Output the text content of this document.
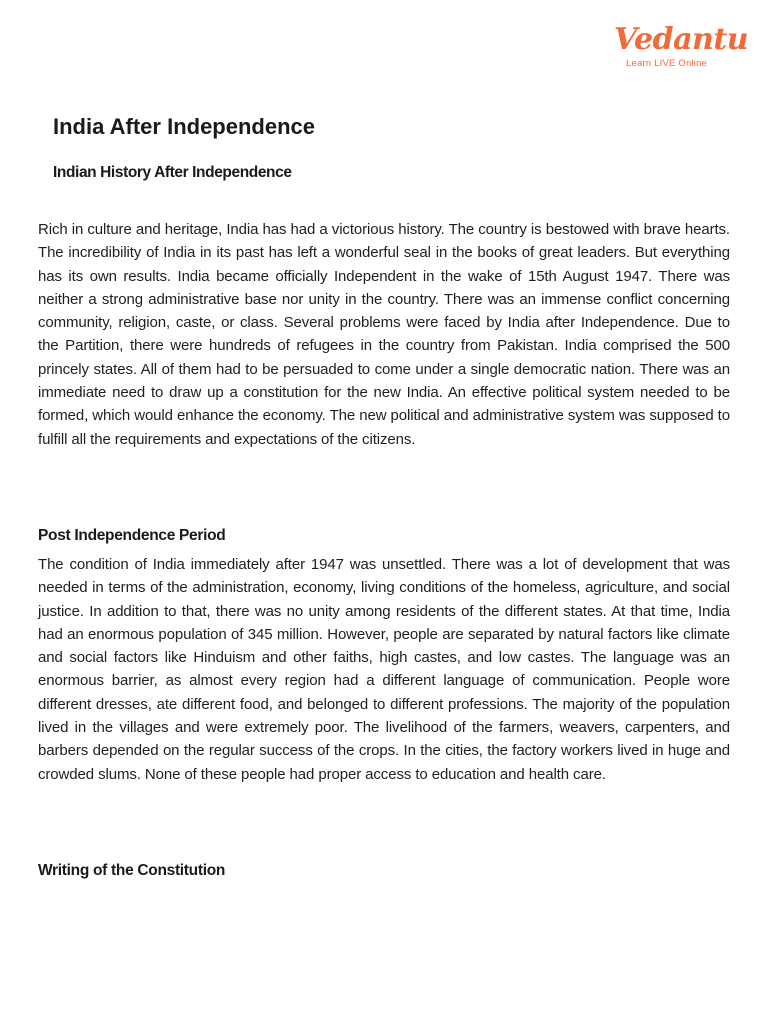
Vedantu
Learn LIVE Online
India After Independence
Indian History After Independence

Rich in culture and heritage, India has had a victorious history. The country is bestowed with brave hearts. The incredibility of India in its past has left a wonderful seal in the books of great leaders. But everything has its own results. India became officially Independent in the wake of 15th August 1947. There was neither a strong administrative base nor unity in the country. There was an immense conflict concerning community, religion, caste, or class. Several problems were faced by India after Independence. Due to the Partition, there were hundreds of refugees in the country from Pakistan. India comprised the 500 princely states. All of them had to be persuaded to come under a single democratic nation. There was an immediate need to draw up a constitution for the new India. An effective political system needed to be formed, which would enhance the economy. The new political and administrative system was supposed to fulfill all the requirements and expectations of the citizens.

Post Independence Period

The condition of India immediately after 1947 was unsettled. There was a lot of development that was needed in terms of the administration, economy, living conditions of the homeless, agriculture, and social justice. In addition to that, there was no unity among residents of the different states. At that time, India had an enormous population of 345 million. However, people are separated by natural factors like climate and social factors like Hinduism and other faiths, high castes, and low castes. The language was an enormous barrier, as almost every region had a different language of communication. People wore different dresses, ate different food, and belonged to different professions. The majority of the population lived in the villages and were extremely poor. The livelihood of the farmers, weavers, carpenters, and barbers depended on the regular success of the crops. In the cities, the factory workers lived in huge and crowded slums. None of these people had proper access to education and health care.

Writing of the Constitution
